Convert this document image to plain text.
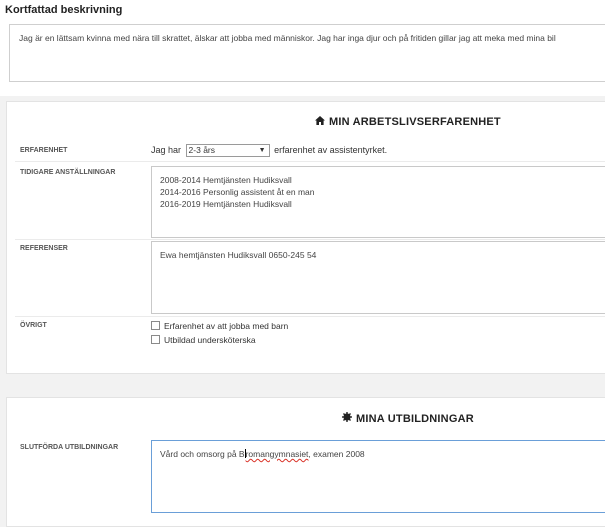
Kortfattad beskrivning
Jag är en lättsam kvinna med nära till skrattet, älskar att jobba med människor. Jag har inga djur och på fritiden gillar jag att meka med mina bil
MIN ARBETSLIVSERFARENHET
ERFARENHET	Jag har 2-3 års	▼ erfarenhet av assistentyrket.
TIDIGARE ANSTÄLLNINGAR
2008-2014 Hemtjänsten Hudiksvall
2014-2016 Personlig assistent åt en man
2016-2019 Hemtjänsten Hudiksvall
REFERENSER
Ewa hemtjänsten Hudiksvall 0650-245 54
ÖVRIGT	Erfarenhet av att jobba med barn
Utbildad undersköterska
MINA UTBILDNINGAR
SLUTFÖRDA UTBILDNINGAR
Vård och omsorg på Bromangymnasiet, examen 2008
